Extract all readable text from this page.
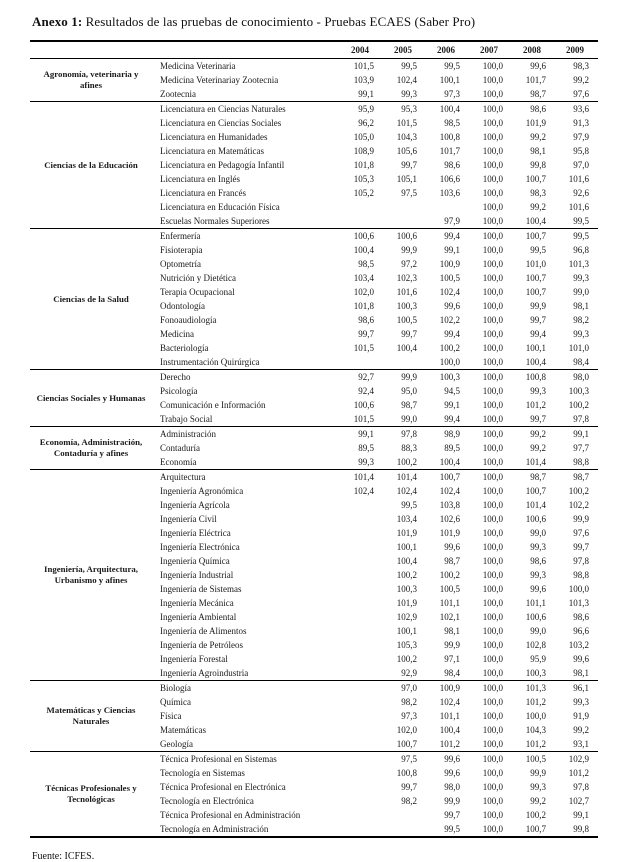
Anexo 1: Resultados de las pruebas de conocimiento - Pruebas ECAES (Saber Pro)
		2004	2005	2006	2007	2008	2009
Agronomía, veterinaria y afines	Medicina Veterinaria	101,5	99,5	99,5	100,0	99,6	98,3
	Medicina Veterinariay Zootecnia	103,9	102,4	100,1	100,0	101,7	99,2
	Zootecnia	99,1	99,3	97,3	100,0	98,7	97,6
Ciencias de la Educación	Licenciatura en Ciencias Naturales	95,9	95,3	100,4	100,0	98,6	93,6
	Licenciatura en Ciencias Sociales	96,2	101,5	98,5	100,0	101,9	91,3
	Licenciatura en Humanidades	105,0	104,3	100,8	100,0	99,2	97,9
	Licenciatura en Matemáticas	108,9	105,6	101,7	100,0	98,1	95,8
	Licenciatura en Pedagogía Infantil	101,8	99,7	98,6	100,0	99,8	97,0
	Licenciatura en Inglés	105,3	105,1	106,6	100,0	100,7	101,6
	Licenciatura en Francés	105,2	97,5	103,6	100,0	98,3	92,6
	Licenciatura en Educación Física				100,0	99,2	101,6
	Escuelas Normales Superiores			97,9	100,0	100,4	99,5
Ciencias de la Salud	Enfermería	100,6	100,6	99,4	100,0	100,7	99,5
	Fisioterapia	100,4	99,9	99,1	100,0	99,5	96,8
	Optometría	98,5	97,2	100,9	100,0	101,0	101,3
	Nutrición y Dietética	103,4	102,3	100,5	100,0	100,7	99,3
	Terapia Ocupacional	102,0	101,6	102,4	100,0	100,7	99,0
	Odontología	101,8	100,3	99,6	100,0	99,9	98,1
	Fonoaudiología	98,6	100,5	102,2	100,0	99,7	98,2
	Medicina	99,7	99,7	99,4	100,0	99,4	99,3
	Bacteriología	101,5	100,4	100,2	100,0	100,1	101,0
	Instrumentación Quirúrgica			100,0	100,0	100,4	98,4
Ciencias Sociales y Humanas	Derecho	92,7	99,9	100,3	100,0	100,8	98,0
	Psicología	92,4	95,0	94,5	100,0	99,3	100,3
	Comunicación e Información	100,6	98,7	99,1	100,0	101,2	100,2
	Trabajo Social	101,5	99,0	99,4	100,0	99,7	97,8
Economía, Administración, Contaduría y afines	Administración	99,1	97,8	98,9	100,0	99,2	99,1
	Contaduría	89,5	88,3	89,5	100,0	99,2	97,7
	Economía	99,3	100,2	100,4	100,0	101,4	98,8
Ingeniería, Arquitectura, Urbanismo y afines	Arquitectura	101,4	101,4	100,7	100,0	98,7	98,7
	Ingeniería Agronómica	102,4	102,4	102,4	100,0	100,7	100,2
	Ingeniería Agrícola		99,5	103,8	100,0	101,4	102,2
	Ingeniería Civil		103,4	102,6	100,0	100,6	99,9
	Ingeniería Eléctrica		101,9	101,9	100,0	99,0	97,6
	Ingeniería Electrónica		100,1	99,6	100,0	99,3	99,7
	Ingeniería Química		100,4	98,7	100,0	98,6	97,8
	Ingeniería Industrial		100,2	100,2	100,0	99,3	98,8
	Ingeniería de Sistemas		100,3	100,5	100,0	99,6	100,0
	Ingeniería Mecánica		101,9	101,1	100,0	101,1	101,3
	Ingeniería Ambiental		102,9	102,1	100,0	100,6	98,6
	Ingeniería de Alimentos		100,1	98,1	100,0	99,0	96,6
	Ingeniería de Petróleos		105,3	99,9	100,0	102,8	103,2
	Ingeniería Forestal		100,2	97,1	100,0	95,9	99,6
	Ingeniería Agroindustria		92,9	98,4	100,0	100,3	98,1
Matemáticas y Ciencias Naturales	Biología		97,0	100,9	100,0	101,3	96,1
	Química		98,2	102,4	100,0	101,2	99,3
	Física		97,3	101,1	100,0	100,0	91,9
	Matemáticas		102,0	100,4	100,0	104,3	99,2
	Geología		100,7	101,2	100,0	101,2	93,1
Técnicas Profesionales y Tecnológicas	Técnica Profesional en Sistemas		97,5	99,6	100,0	100,5	102,9
	Tecnología en Sistemas		100,8	99,6	100,0	99,9	101,2
	Técnica Profesional en Electrónica		99,7	98,0	100,0	99,3	97,8
	Tecnología en Electrónica		98,2	99,9	100,0	99,2	102,7
	Técnica Profesional en Administración			99,7	100,0	100,2	99,1
	Tecnología en Administración			99,5	100,0	100,7	99,8
Fuente: ICFES.
